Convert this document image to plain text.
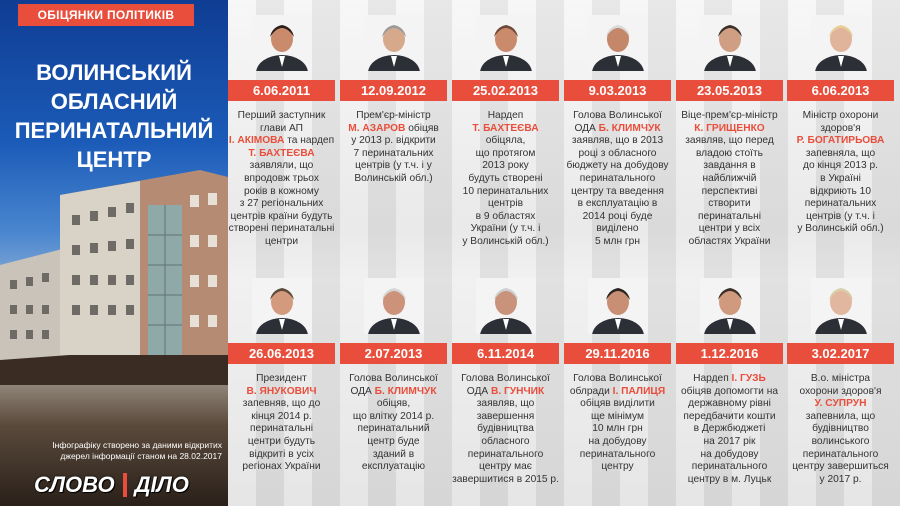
ОБІЦЯНКИ ПОЛІТИКІВ
ВОЛИНСЬКИЙ
ОБЛАСНИЙ
ПЕРИНАТАЛЬНИЙ
ЦЕНТР
Інфографіку створено за даними відкритих
джерел інформації станом на 28.02.2017
СЛОВО ДІЛО
6.06.2011
Перший заступник
глави АП
І. АКІМОВА та нардеп
Т. БАХТЕЄВА
заявляли, що
впродовж трьох
років в кожному
з 27 регіональних
центрів країни будуть
створені перинатальні
центри
12.09.2012
Прем'єр-міністр
М. АЗАРОВ обіцяв
у 2013 р. відкрити
7 перинатальних
центрів (у т.ч. і у
Волинській обл.)
25.02.2013
Нардеп
Т. БАХТЕЄВА
обіцяла,
що протягом
2013 року
будуть створені
10 перинатальних
центрів
в 9 областях
України (у т.ч. і
у Волинській обл.)
9.03.2013
Голова Волинської
ОДА Б. КЛИМЧУК
заявляв, що в 2013
році з обласного
бюджету на добудову
перинатального
центру та введення
в експлуатацію в
2014 році буде
виділено
5 млн грн
23.05.2013
Віце-прем'єр-міністр
К. ГРИЩЕНКО
заявляв, що перед
владою стоїть
завдання в
найближчій
перспективі
створити
перинатальні
центри у всіх
областях України
6.06.2013
Міністр охорони
здоров'я
Р. БОГАТИРЬОВА
запевняла, що
до кінця 2013 р.
в Україні
відкриють 10
перинатальних
центрів (у т.ч. і
у Волинській обл.)
26.06.2013
Президент
В. ЯНУКОВИЧ
запевняв, що до
кінця 2014 р.
перинатальні
центри будуть
відкриті в усіх
регіонах України
2.07.2013
Голова Волинської
ОДА Б. КЛИМЧУК
обіцяв,
що влітку 2014 р.
перинатальний
центр буде
зданий в
експлуатацію
6.11.2014
Голова Волинської
ОДА В. ГУНЧИК
заявляв, що
завершення
будівництва
обласного
перинатального
центру має
завершитися в 2015 р.
29.11.2016
Голова Волинської
облради І. ПАЛИЦЯ
обіцяв виділити
ще мінімум
10 млн грн
на добудову
перинатального
центру
1.12.2016
Нардеп І. ГУЗЬ
обіцяв допомогти на
державному рівні
передбачити кошти
в Держбюджеті
на 2017 рік
на добудову
перинатального
центру в м. Луцьк
3.02.2017
В.о. міністра
охорони здоров'я
У. СУПРУН
запевнила, що
будівництво
волинського
перинатального
центру завершиться
у 2017 р.
